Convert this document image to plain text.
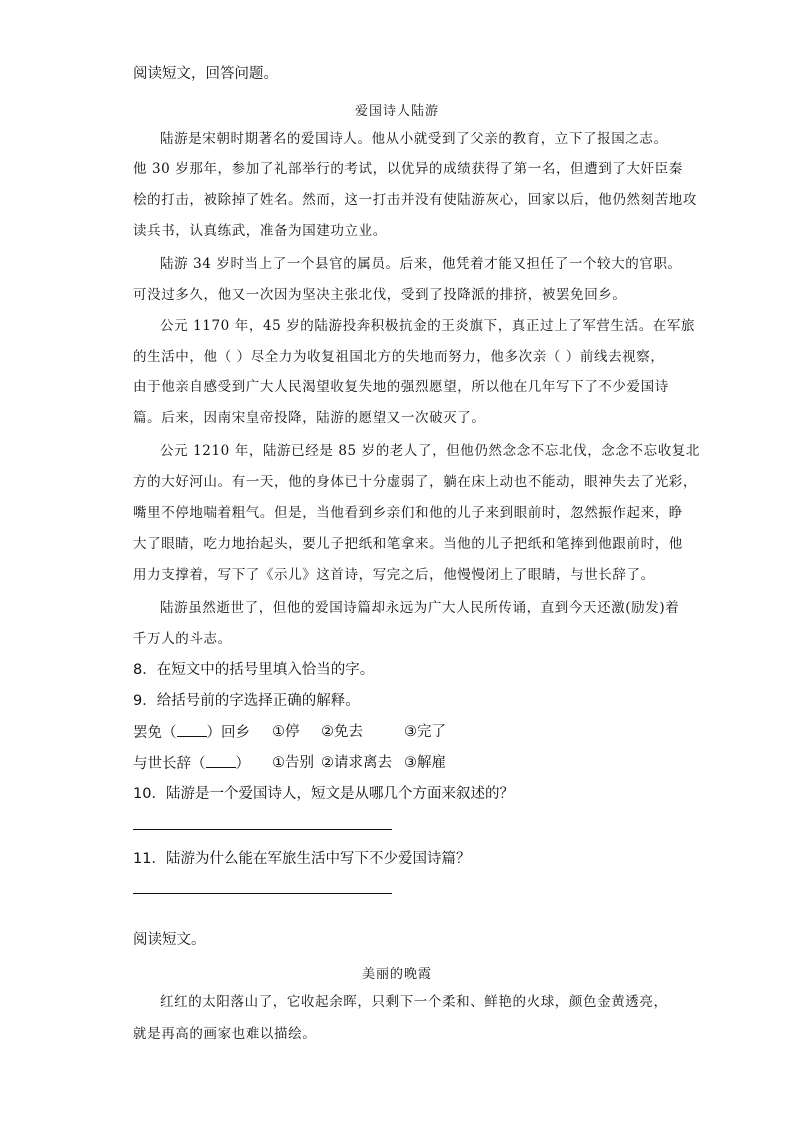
阅读短文，回答问题。
爱国诗人陆游
陆游是宋朝时期著名的爱国诗人。他从小就受到了父亲的教育，立下了报国之志。
他 30 岁那年，参加了礼部举行的考试，以优异的成绩获得了第一名，但遭到了大奸臣秦
桧的打击，被除掉了姓名。然而，这一打击并没有使陆游灰心，回家以后，他仍然刻苦地攻
读兵书，认真练武，准备为国建功立业。
陆游 34 岁时当上了一个县官的属员。后来，他凭着才能又担任了一个较大的官职。
可没过多久，他又一次因为坚决主张北伐，受到了投降派的排挤，被罢免回乡。
公元 1170 年，45 岁的陆游投奔积极抗金的王炎旗下，真正过上了军营生活。在军旅
的生活中，他（ ）尽全力为收复祖国北方的失地而努力，他多次亲（ ）前线去视察，
由于他亲自感受到广大人民渴望收复失地的强烈愿望，所以他在几年写下了不少爱国诗
篇。后来，因南宋皇帝投降，陆游的愿望又一次破灭了。
公元 1210 年，陆游已经是 85 岁的老人了，但他仍然念念不忘北伐，念念不忘收复北
方的大好河山。有一天，他的身体已十分虚弱了，躺在床上动也不能动，眼神失去了光彩，
嘴里不停地喘着粗气。但是，当他看到乡亲们和他的儿子来到眼前时，忽然振作起来，睁
大了眼睛，吃力地抬起头，要儿子把纸和笔拿来。当他的儿子把纸和笔捧到他跟前时，他
用力支撑着，写下了《示儿》这首诗，写完之后，他慢慢闭上了眼睛，与世长辞了。
陆游虽然逝世了，但他的爱国诗篇却永远为广大人民所传诵，直到今天还激(励发)着
千万人的斗志。
8．在短文中的括号里填入恰当的字。
9．给括号前的字选择正确的解释。
罢免（ ）回乡 ①停 ②免去	③完了
与世长辞（ ） ①告别 ②请求离去 ③解雇
10．陆游是一个爱国诗人，短文是从哪几个方面来叙述的？
11．陆游为什么能在军旅生活中写下不少爱国诗篇？
阅读短文。
美丽的晚霞
红红的太阳落山了，它收起余晖，只剩下一个柔和、鲜艳的火球，颜色金黄透亮，
就是再高的画家也难以描绘。
